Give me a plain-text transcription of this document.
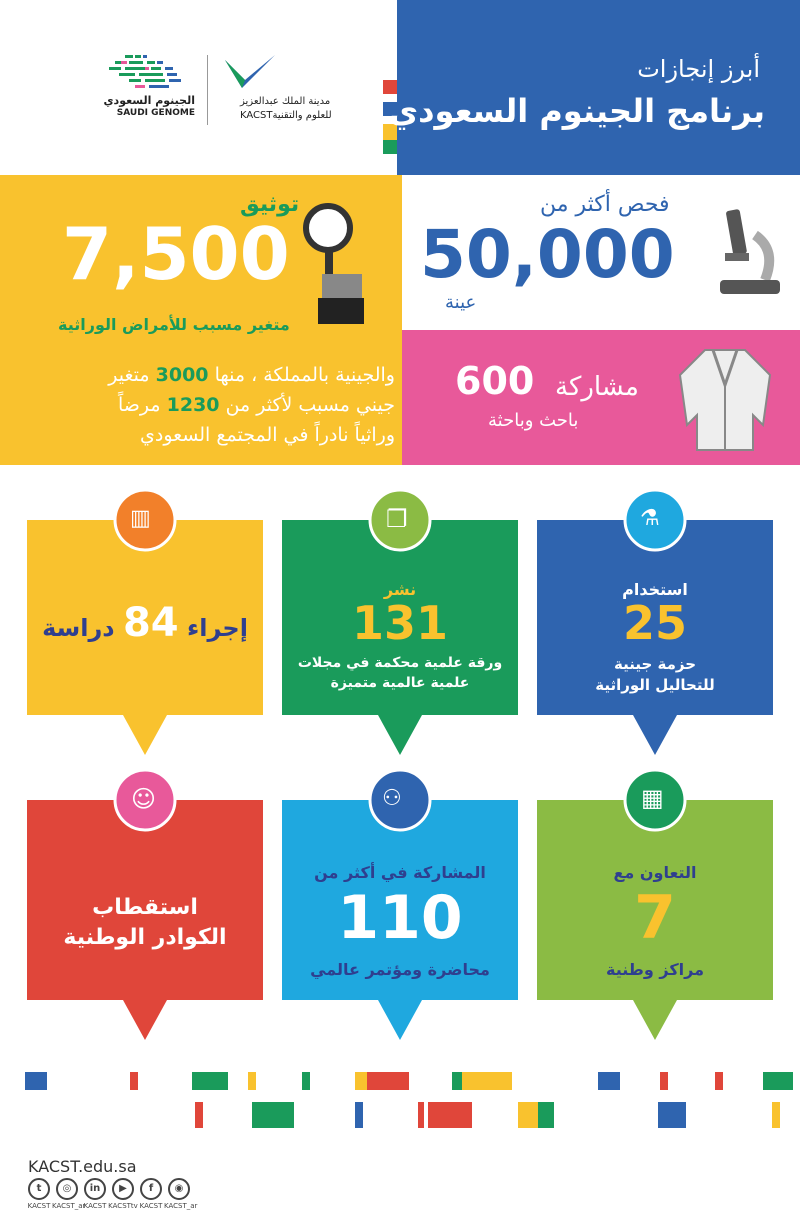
الجينوم السعودي
SAUDI GENOME
مدينة الملك عبدالعزيز
للعلوم والتقنيةKACST
أبرز إنجازات
برنامج الجينوم السعودي
توثيق
7,500
متغير مسبب للأمراض الوراثية
والجينية بالمملكة ، منها 3000 متغير
جيني مسبب لأكثر من 1230 مرضاً
وراثياً نادراً في المجتمع السعودي
فحص أكثر من
50,000
عينة
600 مشاركة
باحث وباحثة
▥
إجراء 84 دراسة
❐
نشر
131
ورقة علمية محكمة في مجلات
علمية عالمية متميزة
⚗
استخدام
25
حزمة جينية
للتحاليل الوراثية
☺
استقطاب
الكوادر الوطنية
⚇
المشاركة في أكثر من
110
محاضرة ومؤتمر عالمي
▦
التعاون مع
7
مراكز وطنية
KACST.edu.sa
t
KACST
◎
KACST_ar
in
KACST
▶
KACSTtv
f
KACST
◉
KACST_ar
